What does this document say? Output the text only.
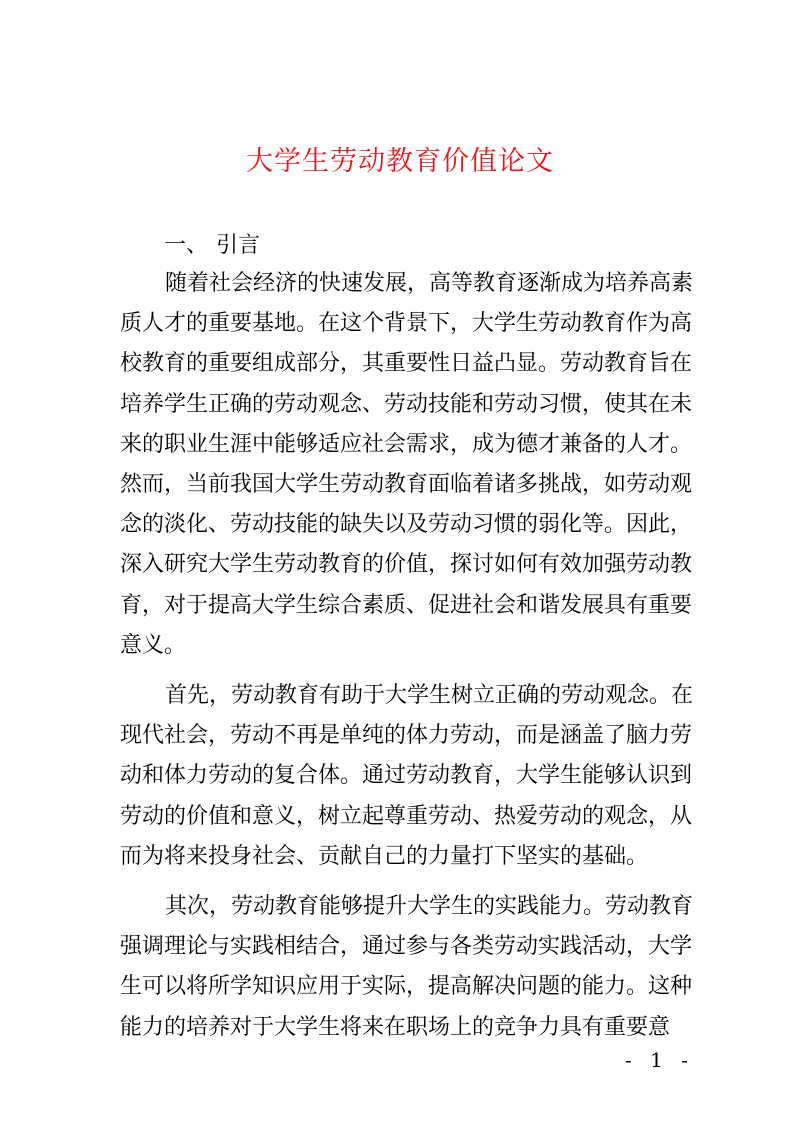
大学生劳动教育价值论文
一、 引言
随着社会经济的快速发展，高等教育逐渐成为培养高素
质人才的重要基地。在这个背景下，大学生劳动教育作为高
校教育的重要组成部分，其重要性日益凸显。劳动教育旨在
培养学生正确的劳动观念、劳动技能和劳动习惯，使其在未
来的职业生涯中能够适应社会需求，成为德才兼备的人才。
然而，当前我国大学生劳动教育面临着诸多挑战，如劳动观
念的淡化、劳动技能的缺失以及劳动习惯的弱化等。因此，
深入研究大学生劳动教育的价值，探讨如何有效加强劳动教
育，对于提高大学生综合素质、促进社会和谐发展具有重要
意义。
首先，劳动教育有助于大学生树立正确的劳动观念。在
现代社会，劳动不再是单纯的体力劳动，而是涵盖了脑力劳
动和体力劳动的复合体。通过劳动教育，大学生能够认识到
劳动的价值和意义，树立起尊重劳动、热爱劳动的观念，从
而为将来投身社会、贡献自己的力量打下坚实的基础。
其次，劳动教育能够提升大学生的实践能力。劳动教育
强调理论与实践相结合，通过参与各类劳动实践活动，大学
生可以将所学知识应用于实际，提高解决问题的能力。这种
能力的培养对于大学生将来在职场上的竞争力具有重要意
- 1 -
